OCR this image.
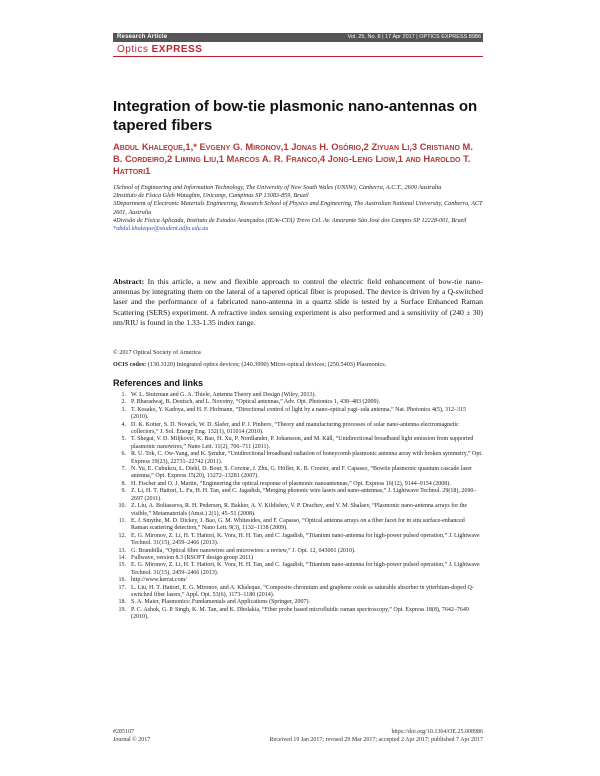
Research Article	Vol. 25, No. 8 | 17 Apr 2017 | OPTICS EXPRESS 8986
Optics EXPRESS
Integration of bow-tie plasmonic nano-antennas on tapered fibers
Abdul Khaleque,1,* Evgeny G. Mironov,1 Jonas H. Osório,2 Ziyuan Li,3 Cristiano M. B. Cordeiro,2 Liming Liu,1 Marcos A. R. Franco,4 Jong-Leng Liow,1 and Haroldo T. Hattori1
1School of Engineering and Information Technology, The University of New South Wales (UNSW), Canberra, A.C.T., 2600 Australia
2Instituto de Física Gleb Wataghin, Unicamp, Campinas SP 13083-859, Brazil
3Department of Electronic Materials Engineering, Research School of Physics and Engineering, The Australian National University, Canberra, ACT 2601, Australia
4Divisão de Física Aplicada, Instituto de Estudos Avançados (IEAv-CTA) Trevo Cel. Av. Amarante São José dos Campos SP 12228-001, Brazil
*abdul.khaleque@student.adfa.edu.au
Abstract: In this article, a new and flexible approach to control the electric field enhancement of bow-tie nano-antennas by integrating them on the lateral of a tapered optical fiber is proposed. The device is driven by a Q-switched laser and the performance of a fabricated nano-antenna in a quartz slide is tested by a Surface Enhanced Raman Scattering (SERS) experiment. A refractive index sensing experiment is also performed and a sensitivity of (240 ± 30) nm/RIU is found in the 1.33-1.35 index range.
© 2017 Optical Society of America
OCIS codes: (130.3120) Integrated optics devices; (240.3990) Micro-optical devices; (250.5403) Plasmonics.
References and links
1. W. L. Stutzman and G. A. Thiele, Antenna Theory and Design (Wiley, 2013).
2. P. Bharadwaj, B. Deutsch, and L. Novotny, “Optical antennas,” Adv. Opt. Photonics 1, 438–483 (2009).
3. T. Kosako, Y. Kadoya, and H. F. Hofmann, “Directional control of light by a nano-optical yagi–uda antenna,” Nat. Photonics 4(5), 312–315 (2010).
4. D. K. Kotter, S. D. Novack, W. D. Slafer, and P. J. Pinhero, “Theory and manufacturing processes of solar nano-antenna electromagnetic collectors,” J. Sol. Energy Eng. 132(1), 011014 (2010).
5. T. Shegai, V. D. Miljković, K. Bao, H. Xu, P. Nordlander, P. Johansson, and M. Käll, “Unidirectional broadband light emission from supported plasmonic nanowires,” Nano Lett. 11(2), 706–711 (2011).
6. R. U. Tok, C. Ow-Yang, and K. Şendur, “Unidirectional broadband radiation of honeycomb plasmonic antenna array with broken symmetry,” Opt. Express 19(23), 22731–22742 (2011).
7. N. Yu, E. Cubukcu, L. Diehl, D. Bour, S. Corzine, J. Zhu, G. Höfler, K. B. Crozier, and F. Capasso, “Bowtie plasmonic quantum cascade laser antenna,” Opt. Express 15(20), 13272–13281 (2007).
8. H. Fischer and O. J. Martin, “Engineering the optical response of plasmonic nanoantennas,” Opt. Express 16(12), 9144–9154 (2008).
9. Z. Li, H. T. Hattori, L. Fu, H. H. Tan, and C. Jagadish, “Merging photonic wire lasers and nano-antennas,” J. Lightwave Technol. 29(18), 2690–2697 (2011).
10. Z. Liu, A. Boltasseva, R. H. Pedersen, R. Bakker, A. V. Kildishev, V. P. Drachev, and V. M. Shalaev, “Plasmonic nano-antenna arrays for the visible,” Metamaterials (Amst.) 2(1), 45–51 (2008).
11. E. J. Smythe, M. D. Dickey, J. Bao, G. M. Whitesides, and F. Capasso, “Optical antenna arrays on a fiber facet for in situ surface-enhanced Raman scattering detection,” Nano Lett. 9(3), 1132–1138 (2009).
12. E. G. Mironov, Z. Li, H. T. Hattori, K. Vora, H. H. Tan, and C. Jagadish, “Titanium nano-antenna for high-power pulsed operation,” J. Lightwave Technol. 31(15), 2459–2466 (2013).
13. G. Brambilla, “Optical fibre nanowires and microwires: a review,” J. Opt. 12, 043001 (2010).
14. Fullwave, version 8.3 (RSOFT design group 2011)
15. E. G. Mironov, Z. Li, H. T. Hattori, K. Vora, H. H. Tan, and C. Jagadish, “Titanium nano-antenna for high-power pulsed operation,” J. Lightwave Technol. 31(15), 2459–2466 (2013).
16. http://www.kerrat.com/
17. L. Liu, H. T. Hattori, E. G. Mironov, and A. Khaleque, “Composite chromium and graphene oxide as saturable absorber in ytterbium-doped Q-switched fiber lasers,” Appl. Opt. 53(6), 1173–1180 (2014).
18. S. A. Maier, Plasmonics: Fundamentals and Applications (Springer, 2007).
19. P. C. Ashok, G. P. Singh, K. M. Tan, and K. Dholakia, “Fiber probe based microfluidic raman spectroscopy,” Opt. Express 18(8), 7642–7649 (2010).
#285107
Journal © 2017
https://doi.org/10.1364/OE.25.008986
Received 19 Jan 2017; revised 29 Mar 2017; accepted 2 Apr 2017; published 7 Apr 2017
